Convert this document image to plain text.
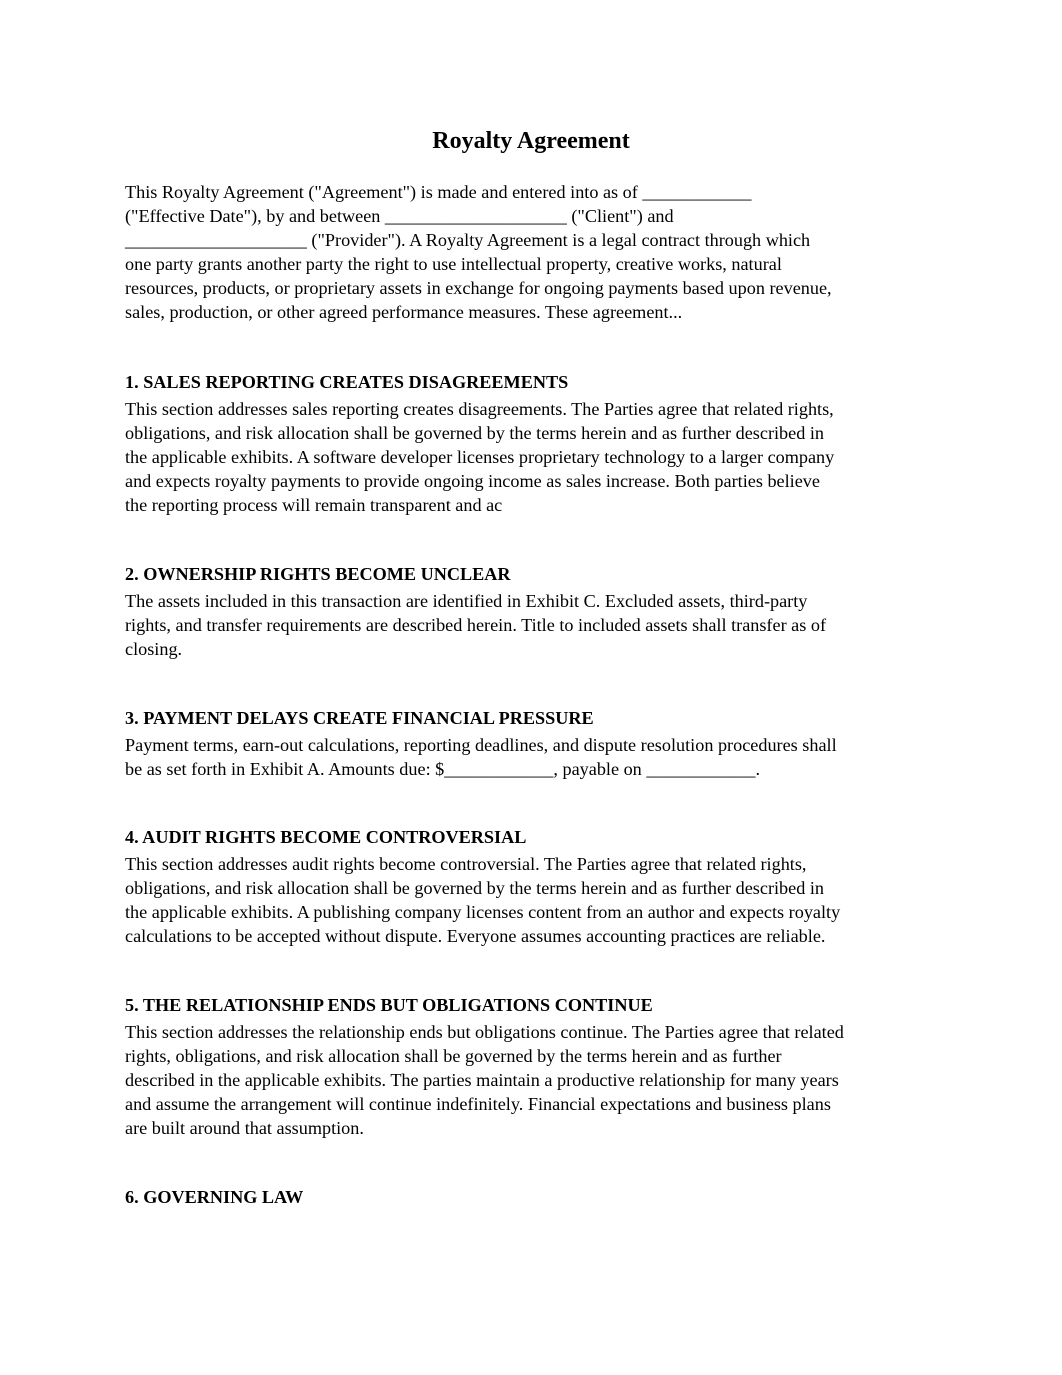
Royalty Agreement
This Royalty Agreement ("Agreement") is made and entered into as of ____________
("Effective Date"), by and between ____________________ ("Client") and
____________________ ("Provider"). A Royalty Agreement is a legal contract through which
one party grants another party the right to use intellectual property, creative works, natural
resources, products, or proprietary assets in exchange for ongoing payments based upon revenue,
sales, production, or other agreed performance measures. These agreement...
1. SALES REPORTING CREATES DISAGREEMENTS
This section addresses sales reporting creates disagreements. The Parties agree that related rights,
obligations, and risk allocation shall be governed by the terms herein and as further described in
the applicable exhibits. A software developer licenses proprietary technology to a larger company
and expects royalty payments to provide ongoing income as sales increase. Both parties believe
the reporting process will remain transparent and ac
2. OWNERSHIP RIGHTS BECOME UNCLEAR
The assets included in this transaction are identified in Exhibit C. Excluded assets, third-party
rights, and transfer requirements are described herein. Title to included assets shall transfer as of
closing.
3. PAYMENT DELAYS CREATE FINANCIAL PRESSURE
Payment terms, earn-out calculations, reporting deadlines, and dispute resolution procedures shall
be as set forth in Exhibit A. Amounts due: $____________, payable on ____________.
4. AUDIT RIGHTS BECOME CONTROVERSIAL
This section addresses audit rights become controversial. The Parties agree that related rights,
obligations, and risk allocation shall be governed by the terms herein and as further described in
the applicable exhibits. A publishing company licenses content from an author and expects royalty
calculations to be accepted without dispute. Everyone assumes accounting practices are reliable.
5. THE RELATIONSHIP ENDS BUT OBLIGATIONS CONTINUE
This section addresses the relationship ends but obligations continue. The Parties agree that related
rights, obligations, and risk allocation shall be governed by the terms herein and as further
described in the applicable exhibits. The parties maintain a productive relationship for many years
and assume the arrangement will continue indefinitely. Financial expectations and business plans
are built around that assumption.
6. GOVERNING LAW
